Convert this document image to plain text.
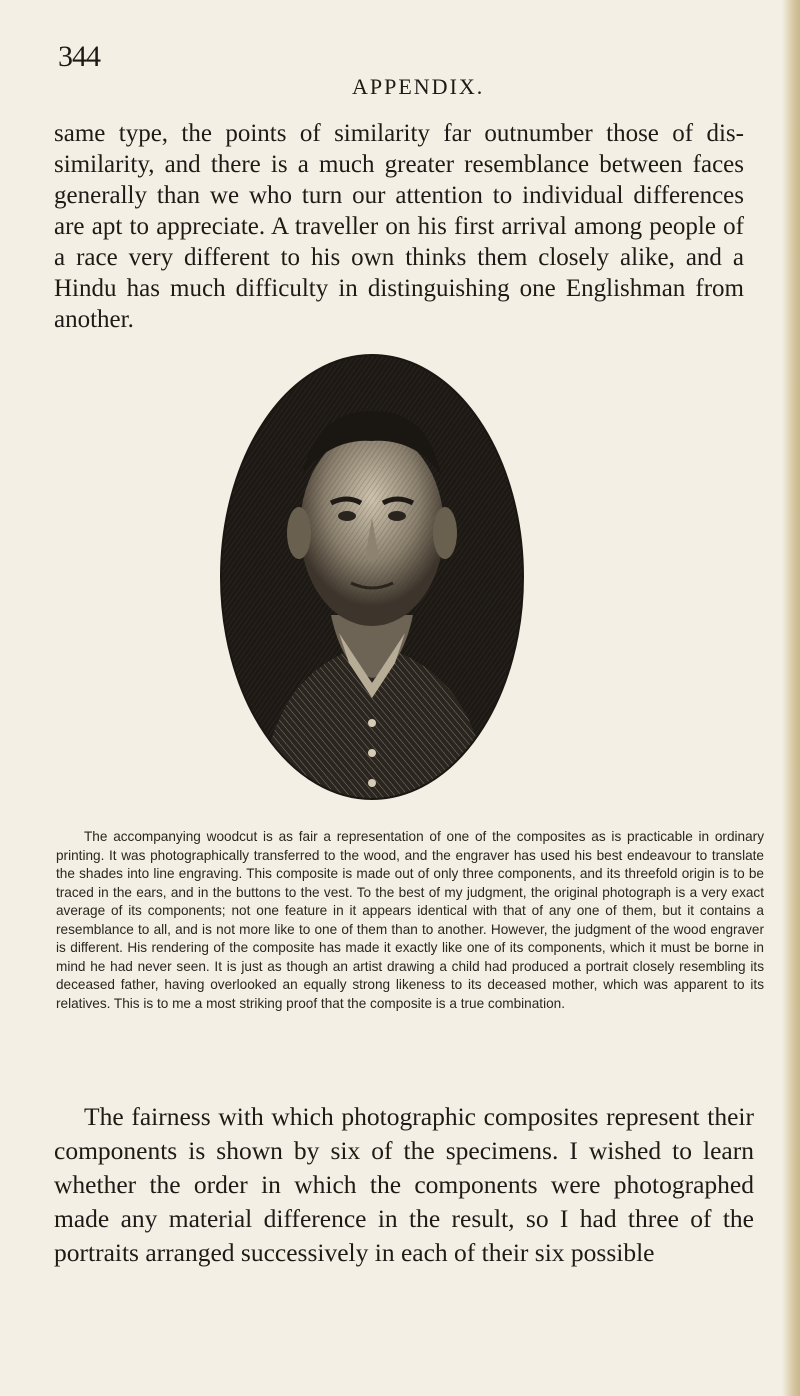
344
APPENDIX.

same type, the points of similarity far outnumber those of dis-similarity, and there is a much greater resemblance between faces generally than we who turn our attention to individual differences are apt to appreciate. A traveller on his first arrival among people of a race very different to his own thinks them closely alike, and a Hindu has much difficulty in distinguishing one Englishman from another.

The accompanying woodcut is as fair a representation of one of the composites as is practicable in ordinary printing. It was photographically transferred to the wood, and the engraver has used his best endeavour to translate the shades into line engraving. This composite is made out of only three components, and its threefold origin is to be traced in the ears, and in the buttons to the vest. To the best of my judgment, the original photograph is a very exact average of its components; not one feature in it appears identical with that of any one of them, but it contains a resemblance to all, and is not more like to one of them than to another. However, the judgment of the wood engraver is different. His rendering of the composite has made it exactly like one of its components, which it must be borne in mind he had never seen. It is just as though an artist drawing a child had produced a portrait closely resembling its deceased father, having overlooked an equally strong likeness to its deceased mother, which was apparent to its relatives. This is to me a most striking proof that the composite is a true combination.

The fairness with which photographic composites represent their components is shown by six of the specimens. I wished to learn whether the order in which the components were photographed made any material difference in the result, so I had three of the portraits arranged successively in each of their six possible
